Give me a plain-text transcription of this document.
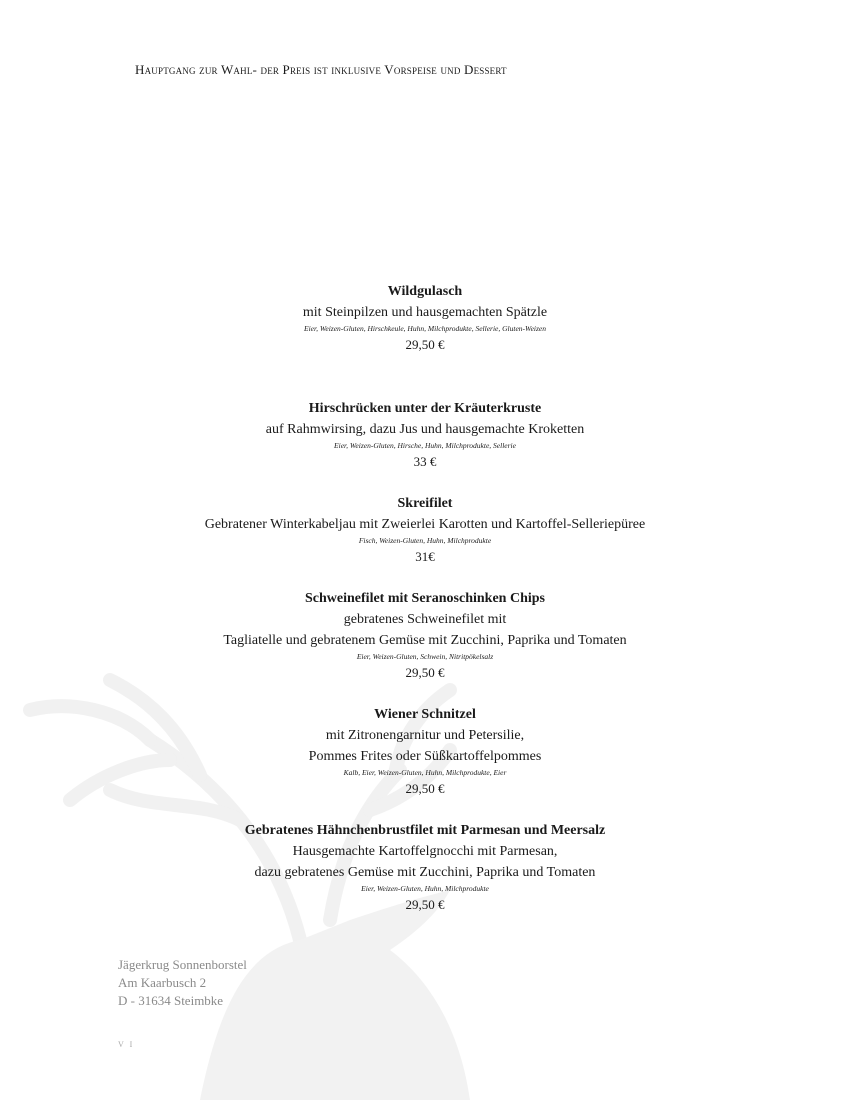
Hauptgang zur Wahl- der Preis ist inklusive Vorspeise und Dessert
Wildgulasch
mit Steinpilzen und hausgemachten Spätzle
Eier, Weizen-Gluten, Hirschkeule, Huhn, Milchprodukte, Sellerie, Gluten-Weizen
29,50 €
Hirschrücken unter der Kräuterkruste
auf Rahmwirsing, dazu Jus und hausgemachte Kroketten
Eier, Weizen-Gluten, Hirsche, Huhn, Milchprodukte, Sellerie
33 €
Skreifilet
Gebratener Winterkabeljau mit Zweierlei Karotten und Kartoffel-Selleriepüree
Fisch, Weizen-Gluten, Huhn, Milchprodukte
31€
Schweinefilet mit Seranoschinken Chips
gebratenes Schweinefilet mit
Tagliatelle und gebratenem Gemüse mit Zucchini, Paprika und Tomaten
Eier, Weizen-Gluten, Schwein, Nitritpökelsalz
29,50 €
Wiener Schnitzel
mit Zitronengarnitur und Petersilie,
Pommes Frites oder Süßkartoffelpommes
Kalb, Eier, Weizen-Gluten, Huhn, Milchprodukte, Eier
29,50 €
Gebratenes Hähnchenbrustfilet mit Parmesan und Meersalz
Hausgemachte Kartoffelgnocchi mit Parmesan,
dazu gebratenes Gemüse mit Zucchini, Paprika und Tomaten
Eier, Weizen-Gluten, Huhn, Milchprodukte
29,50 €
Jägerkrug Sonnenborstel
Am Kaarbusch 2
D - 31634 Steimbke
V I
